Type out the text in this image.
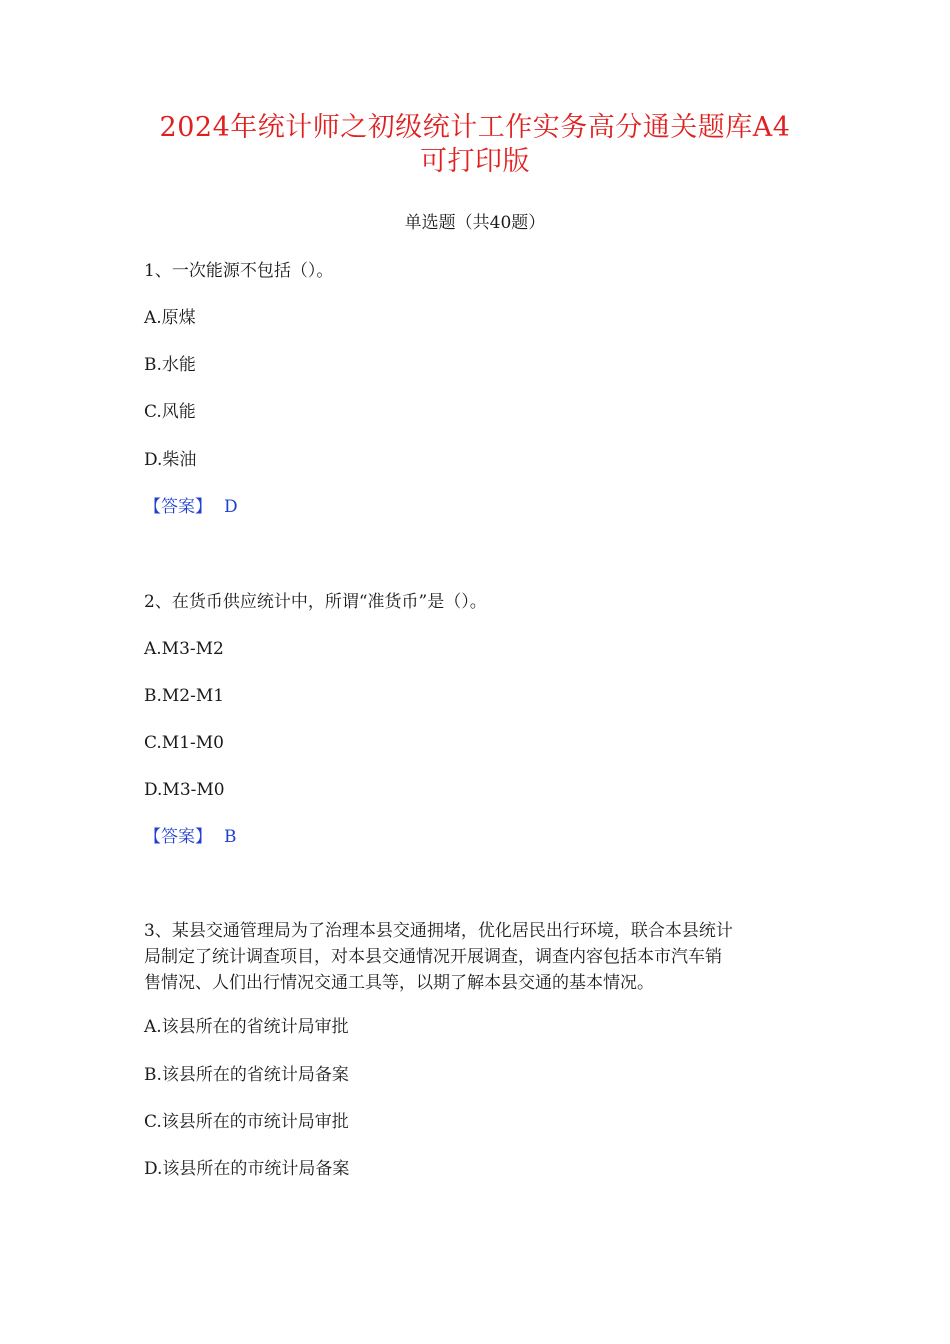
2024年统计师之初级统计工作实务高分通关题库A4
可打印版
单选题（共40题）
1、一次能源不包括（）。
A.原煤
B.水能
C.风能
D.柴油
【答案】 D
2、在货币供应统计中，所谓“准货币”是（）。
A.M3-M2
B.M2-M1
C.M1-M0
D.M3-M0
【答案】 B
3、某县交通管理局为了治理本县交通拥堵，优化居民出行环境，联合本县统计
局制定了统计调查项目，对本县交通情况开展调查，调查内容包括本市汽车销
售情况、人们出行情况交通工具等，以期了解本县交通的基本情况。
A.该县所在的省统计局审批
B.该县所在的省统计局备案
C.该县所在的市统计局审批
D.该县所在的市统计局备案
